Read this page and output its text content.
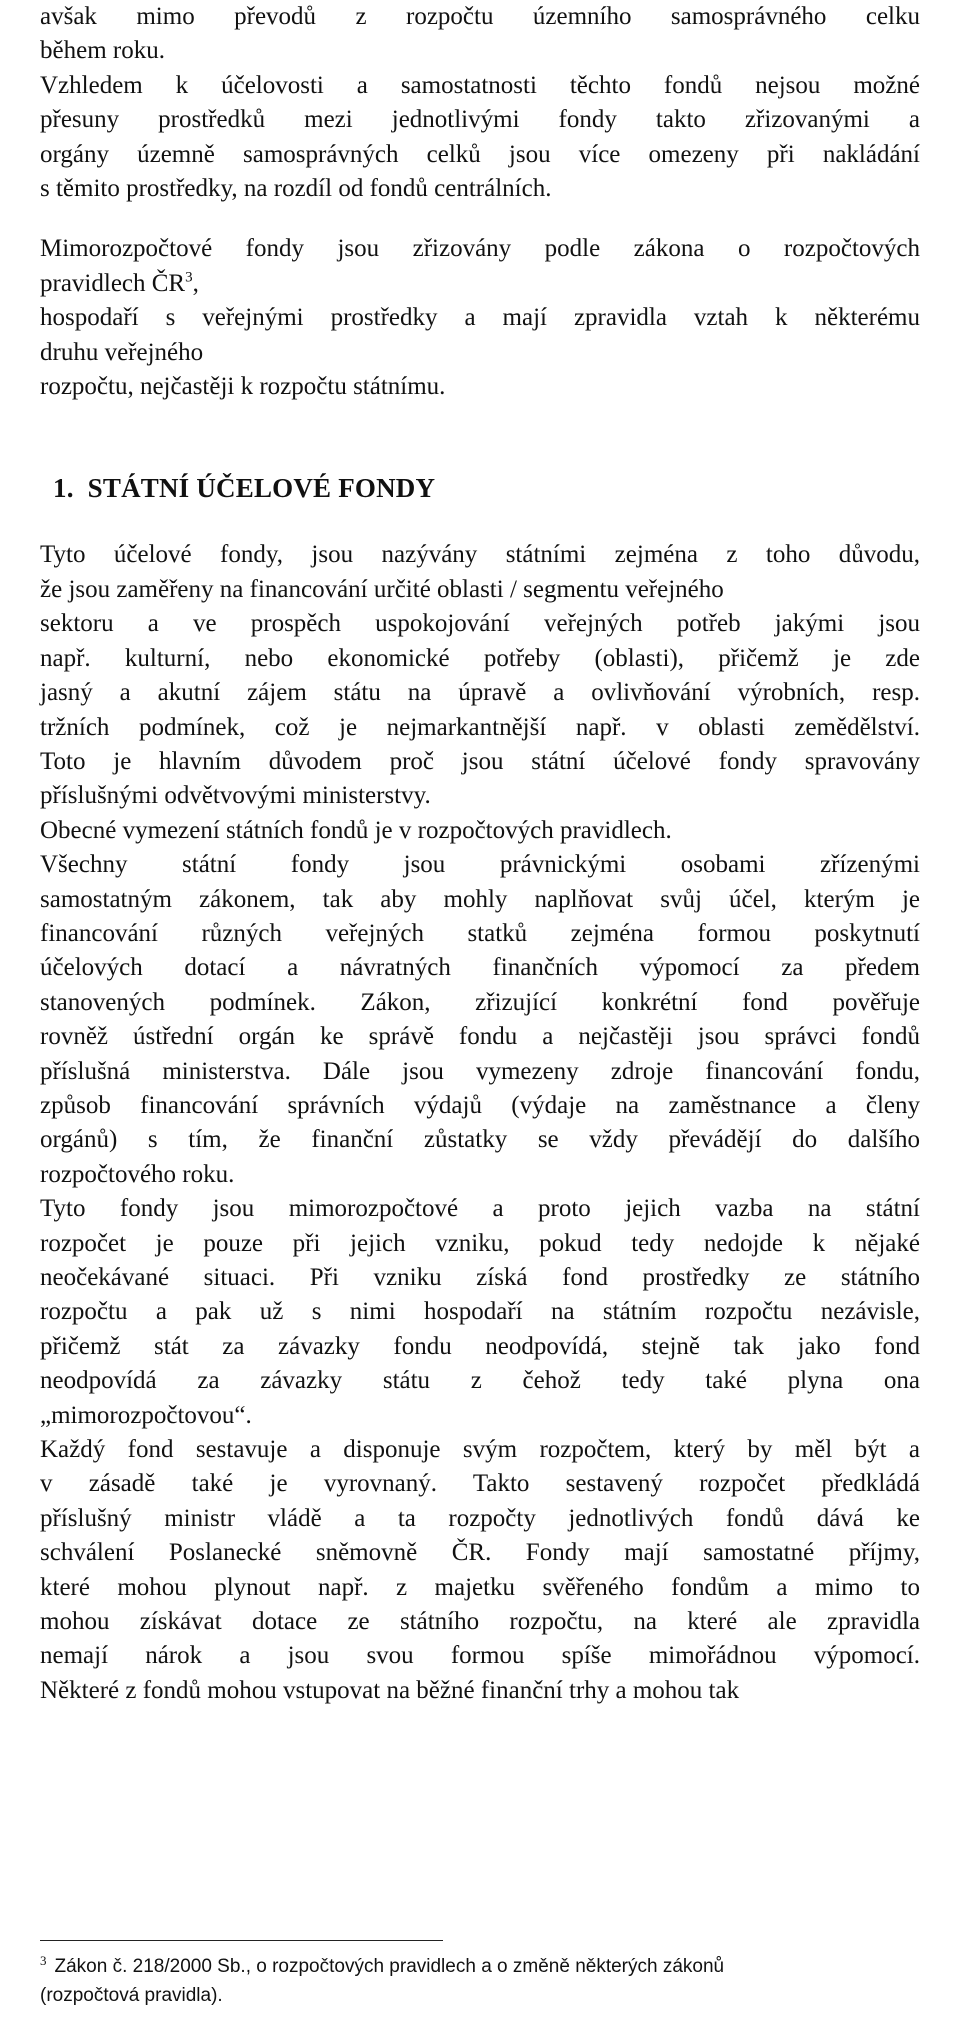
avšak mimo převodů z rozpočtu územního samosprávného celku

během roku.

Vzhledem k účelovosti a samostatnosti těchto fondů nejsou možné

přesuny prostředků mezi jednotlivými fondy takto zřizovanými a

orgány územně samosprávných celků jsou více omezeny při nakládání

s těmito prostředky, na rozdíl od fondů centrálních.

Mimorozpočtové fondy jsou zřizovány podle zákona o rozpočtových

pravidlech ČR$^3$,

hospodaří s veřejnými prostředky a mají zpravidla vztah k některému

druhu veřejného

rozpočtu, nejčastěji k rozpočtu státnímu.

1. STÁTNÍ ÚČELOVÉ FONDY

Tyto účelové fondy, jsou nazývány státními zejména z toho důvodu,

že jsou zaměřeny na financování určité oblasti / segmentu veřejného

sektoru a ve prospěch uspokojování veřejných potřeb jakými jsou

např. kulturní, nebo ekonomické potřeby (oblasti), přičemž je zde

jasný a akutní zájem státu na úpravě a ovlivňování výrobních, resp.

tržních podmínek, což je nejmarkantnější např. v oblasti zemědělství.

Toto je hlavním důvodem proč jsou státní účelové fondy spravovány

příslušnými odvětvovými ministerstvy.

Obecné vymezení státních fondů je v rozpočtových pravidlech.

Všechny státní fondy jsou právnickými osobami zřízenými

samostatným zákonem, tak aby mohly naplňovat svůj účel, kterým je

financování různých veřejných statků zejména formou poskytnutí

účelových dotací a návratných finančních výpomocí za předem

stanovených podmínek. Zákon, zřizující konkrétní fond pověřuje

rovněž ústřední orgán ke správě fondu a nejčastěji jsou správci fondů

příslušná ministerstva. Dále jsou vymezeny zdroje financování fondu,

způsob financování správních výdajů (výdaje na zaměstnance a členy

orgánů) s tím, že finanční zůstatky se vždy převádějí do dalšího

rozpočtového roku.

Tyto fondy jsou mimorozpočtové a proto jejich vazba na státní

rozpočet je pouze při jejich vzniku, pokud tedy nedojde k nějaké

neočekávané situaci. Při vzniku získá fond prostředky ze státního

rozpočtu a pak už s nimi hospodaří na státním rozpočtu nezávisle,

přičemž stát za závazky fondu neodpovídá, stejně tak jako fond

neodpovídá za závazky státu z čehož tedy také plyna ona

„mimorozpočtovou“.

Každý fond sestavuje a disponuje svým rozpočtem, který by měl být a

v zásadě také je vyrovnaný. Takto sestavený rozpočet předkládá

příslušný ministr vládě a ta rozpočty jednotlivých fondů dává ke

schválení Poslanecké sněmovně ČR. Fondy mají samostatné příjmy,

které mohou plynout např. z majetku svěřeného fondům a mimo to

mohou získávat dotace ze státního rozpočtu, na které ale zpravidla

nemají nárok a jsou svou formou spíše mimořádnou výpomocí.

Některé z fondů mohou vstupovat na běžné finanční trhy a mohou tak

$^3$ Zákon č. 218/2000 Sb., o rozpočtových pravidlech a o změně některých zákonů
(rozpočtová pravidla).
